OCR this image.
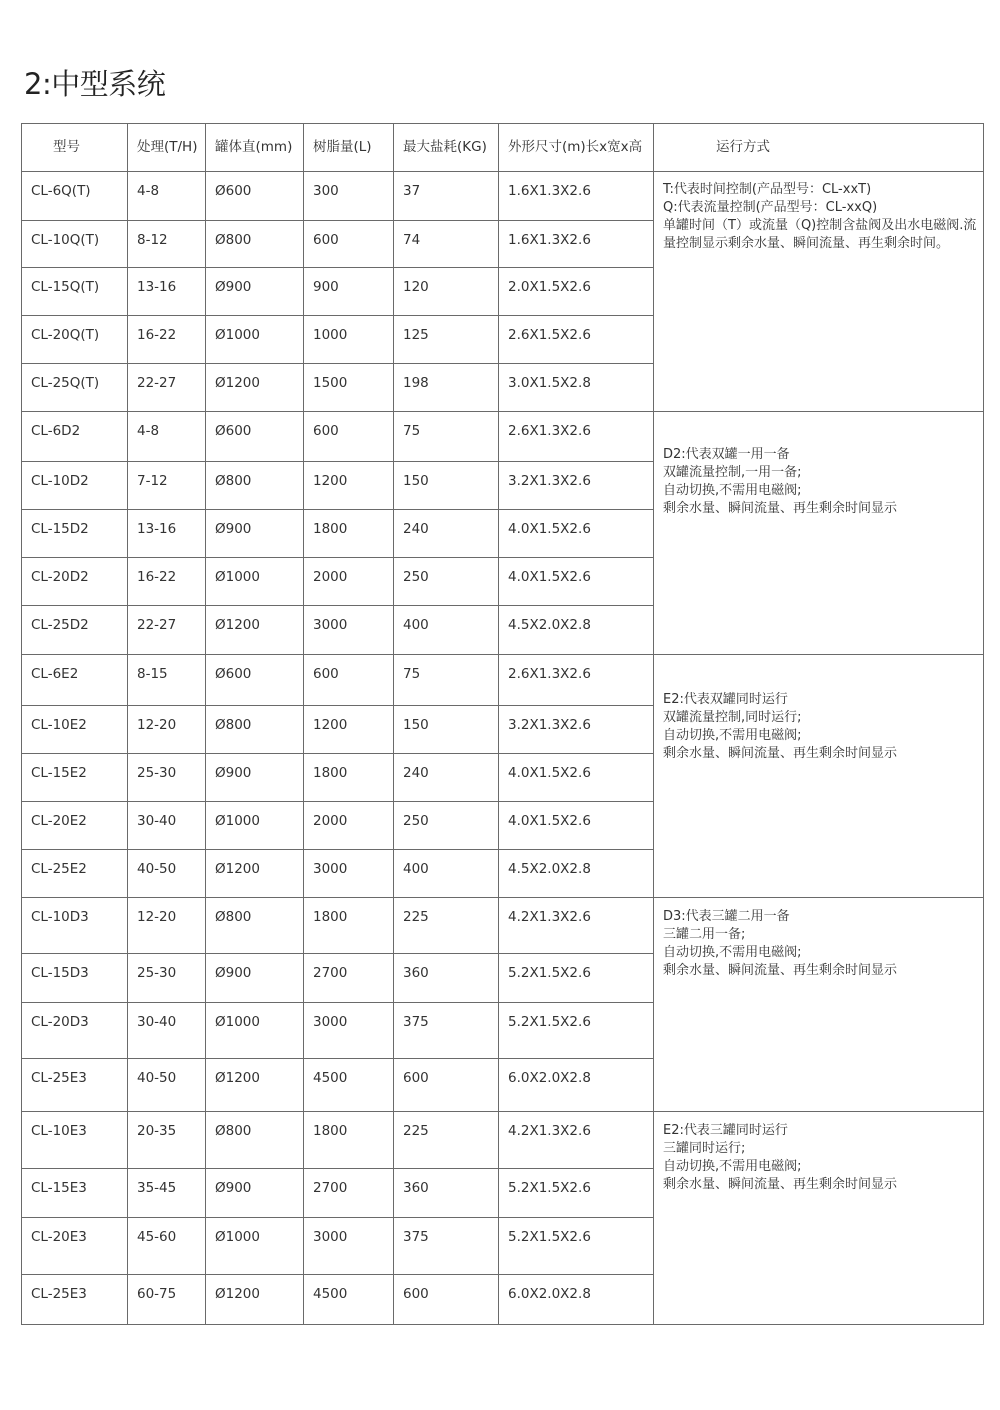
2:中型系统
型号	处理(T/H)	罐体直(mm)	树脂量(L)	最大盐耗(KG)	外形尺寸(m)长x宽x高	运行方式
CL-6Q(T)	4-8	Ø600	300	37	1.6X1.3X2.6	T:代表时间控制(产品型号：CL-xxT)
Q:代表流量控制(产品型号：CL-xxQ)
单罐时间（T）或流量（Q)控制含盐阀及出水电磁阀.流量控制显示剩余水量、瞬间流量、再生剩余时间。
CL-10Q(T)	8-12	Ø800	600	74	1.6X1.3X2.6	
CL-15Q(T)	13-16	Ø900	900	120	2.0X1.5X2.6	
CL-20Q(T)	16-22	Ø1000	1000	125	2.6X1.5X2.6	
CL-25Q(T)	22-27	Ø1200	1500	198	3.0X1.5X2.8	
CL-6D2	4-8	Ø600	600	75	2.6X1.3X2.6	D2:代表双罐一用一备
双罐流量控制,一用一备;
自动切换,不需用电磁阀;
剩余水量、瞬间流量、再生剩余时间显示
CL-10D2	7-12	Ø800	1200	150	3.2X1.3X2.6	
CL-15D2	13-16	Ø900	1800	240	4.0X1.5X2.6	
CL-20D2	16-22	Ø1000	2000	250	4.0X1.5X2.6	
CL-25D2	22-27	Ø1200	3000	400	4.5X2.0X2.8	
CL-6E2	8-15	Ø600	600	75	2.6X1.3X2.6	E2:代表双罐同时运行
双罐流量控制,同时运行;
自动切换,不需用电磁阀;
剩余水量、瞬间流量、再生剩余时间显示
CL-10E2	12-20	Ø800	1200	150	3.2X1.3X2.6	
CL-15E2	25-30	Ø900	1800	240	4.0X1.5X2.6	
CL-20E2	30-40	Ø1000	2000	250	4.0X1.5X2.6	
CL-25E2	40-50	Ø1200	3000	400	4.5X2.0X2.8	
CL-10D3	12-20	Ø800	1800	225	4.2X1.3X2.6	D3:代表三罐二用一备
三罐二用一备;
自动切换,不需用电磁阀;
剩余水量、瞬间流量、再生剩余时间显示
CL-15D3	25-30	Ø900	2700	360	5.2X1.5X2.6	
CL-20D3	30-40	Ø1000	3000	375	5.2X1.5X2.6	
CL-25E3	40-50	Ø1200	4500	600	6.0X2.0X2.8	
CL-10E3	20-35	Ø800	1800	225	4.2X1.3X2.6	E2:代表三罐同时运行
三罐同时运行;
自动切换,不需用电磁阀;
剩余水量、瞬间流量、再生剩余时间显示
CL-15E3	35-45	Ø900	2700	360	5.2X1.5X2.6	
CL-20E3	45-60	Ø1000	3000	375	5.2X1.5X2.6	
CL-25E3	60-75	Ø1200	4500	600	6.0X2.0X2.8	
